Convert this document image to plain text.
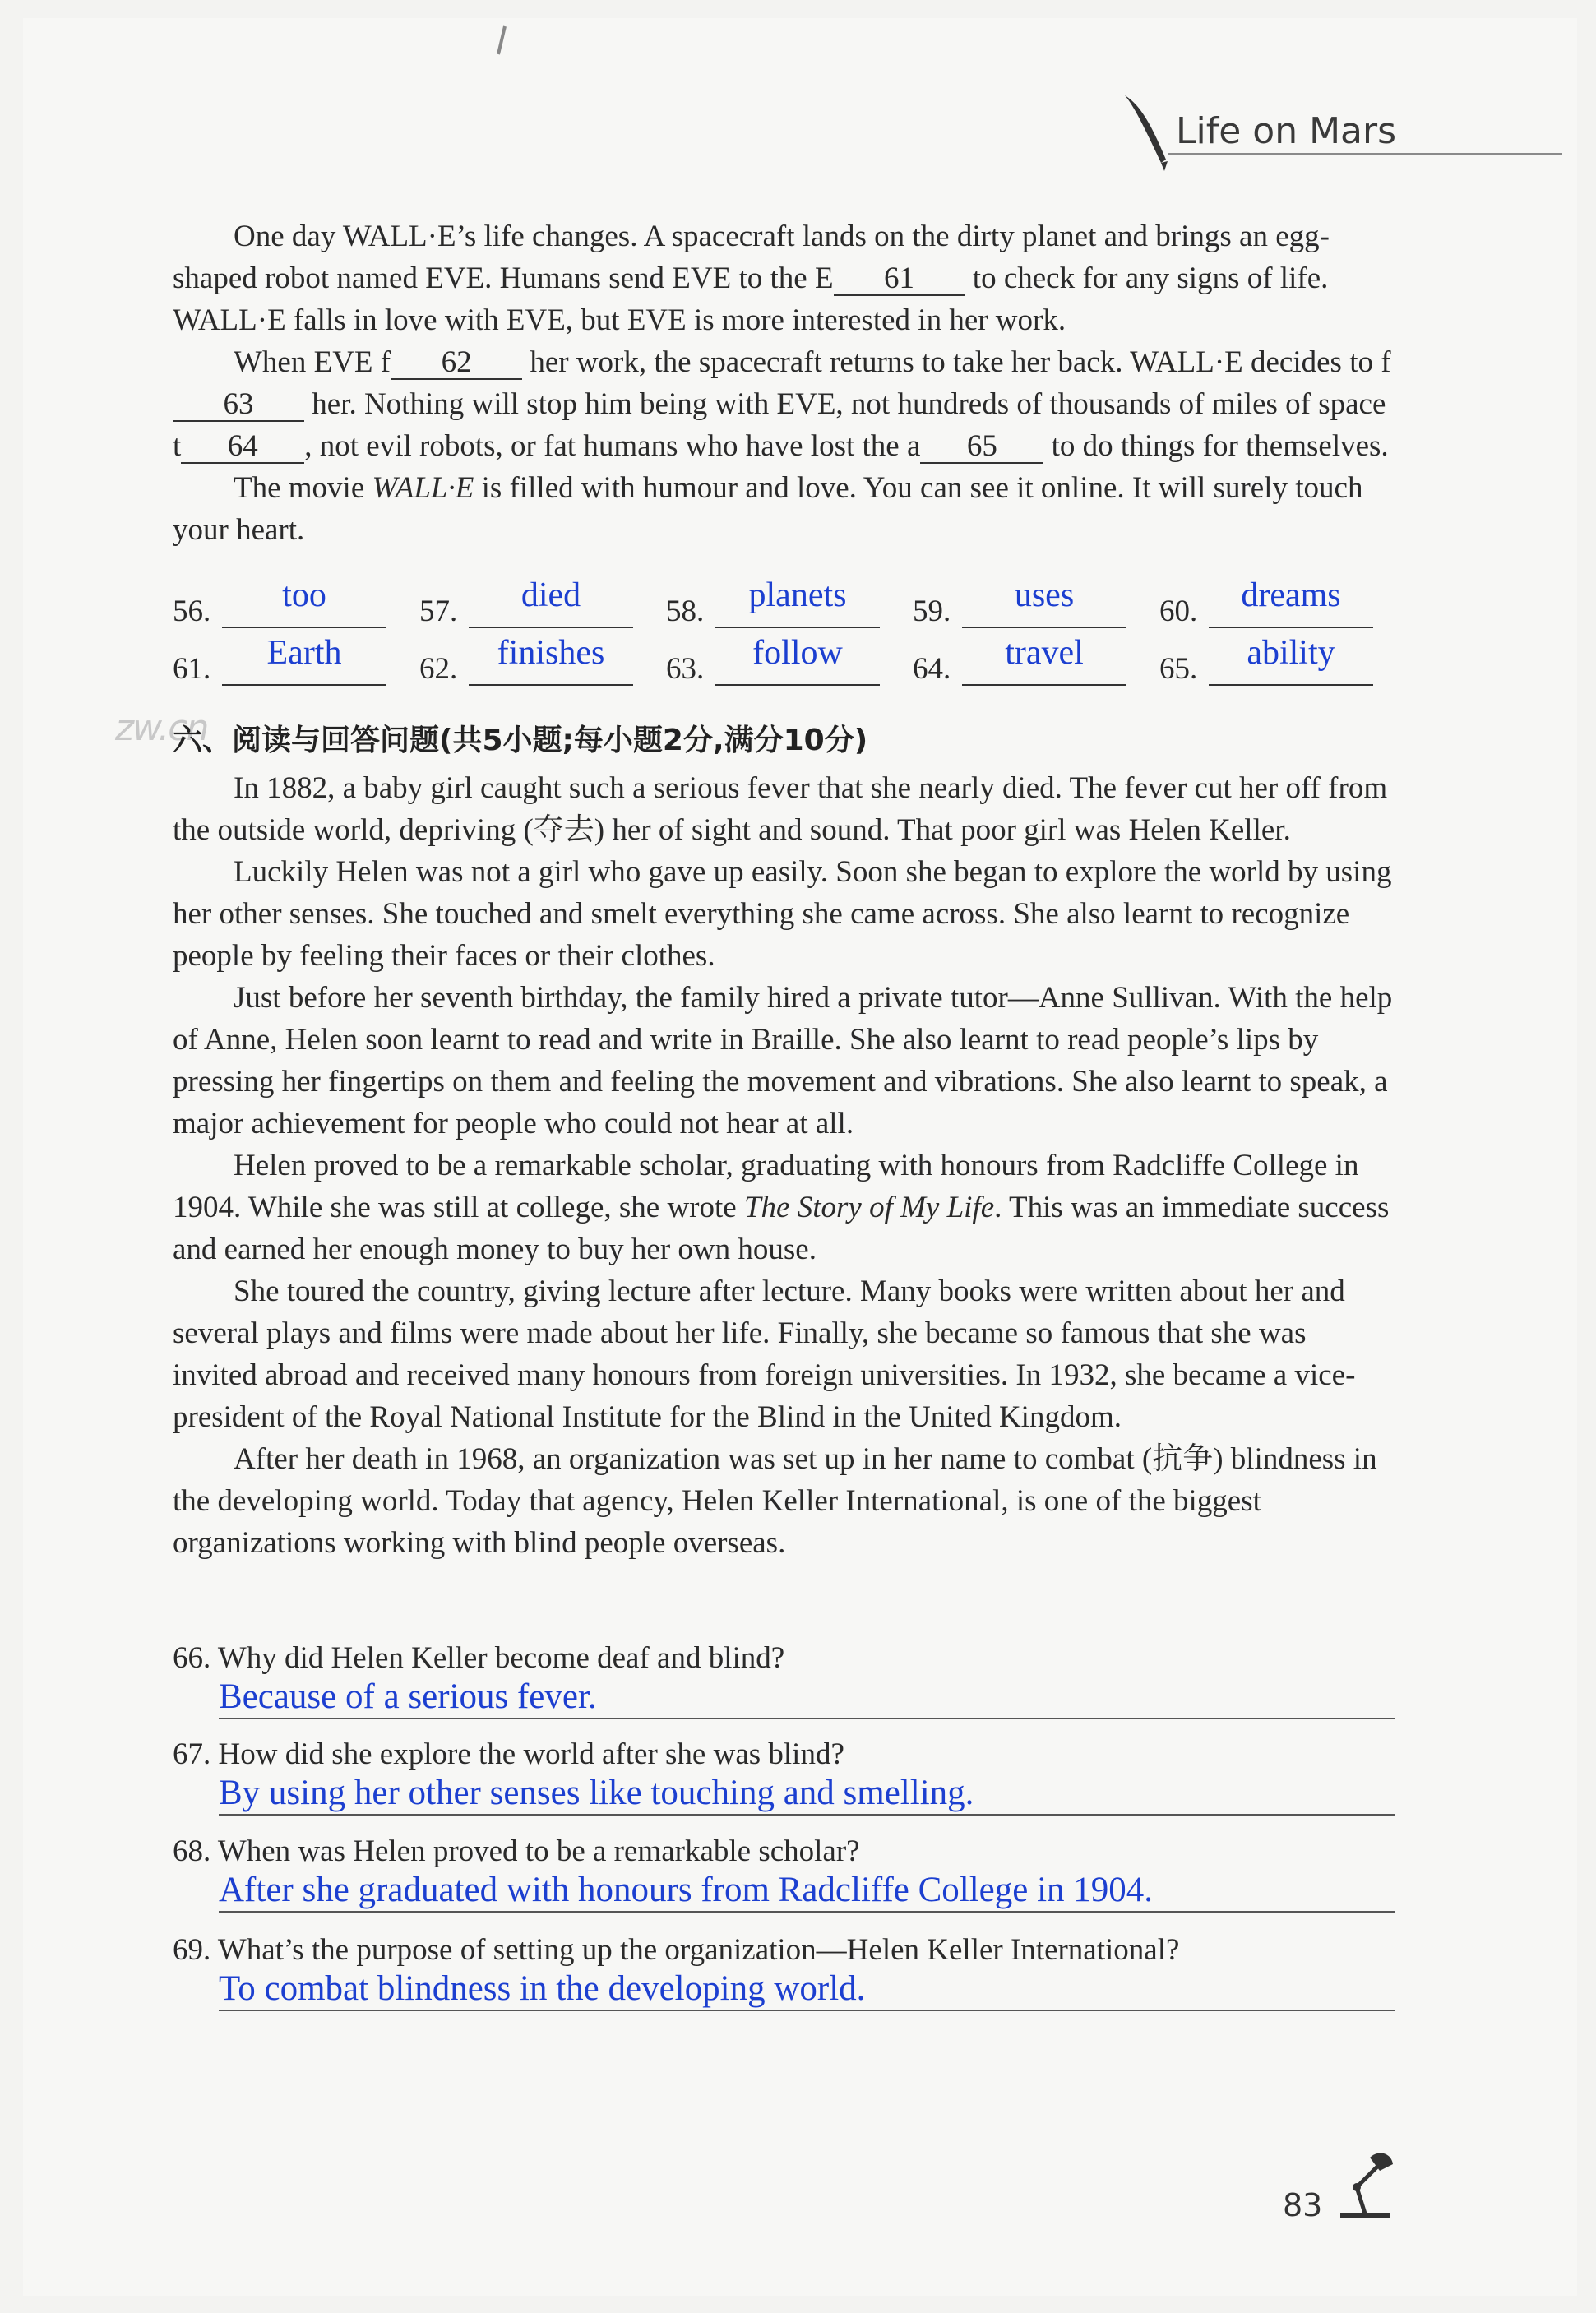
Life on Mars

One day WALL·E’s life changes. A spacecraft lands on the dirty planet and brings an egg-shaped robot named EVE. Humans send EVE to the E 61 to check for any signs of life. WALL·E falls in love with EVE, but EVE is more interested in her work.

When EVE f 62 her work, the spacecraft returns to take her back. WALL·E decides to f63 her. Nothing will stop him being with EVE, not hundreds of thousands of miles of space t 64 , not evil robots, or fat humans who have lost the a 65 to do things for themselves.

The movie WALL·E is filled with humour and love. You can see it online. It will surely touch your heart.

56.	too	57.	died	58.	planets	59.	uses	60.	dreams
61.	Earth	62.	finishes	63.	follow	64.	travel	65.	ability
zw.cn
六、阅读与回答问题(共5小题;每小题2分,满分10分)

In 1882, a baby girl caught such a serious fever that she nearly died. The fever cut her off from the outside world, depriving (夺去) her of sight and sound. That poor girl was Helen Keller.

Luckily Helen was not a girl who gave up easily. Soon she began to explore the world by using her other senses. She touched and smelt everything she came across. She also learnt to recognize people by feeling their faces or their clothes.

Just before her seventh birthday, the family hired a private tutor—Anne Sullivan. With the help of Anne, Helen soon learnt to read and write in Braille. She also learnt to read people’s lips by pressing her fingertips on them and feeling the movement and vibrations. She also learnt to speak, a major achievement for people who could not hear at all.

Helen proved to be a remarkable scholar, graduating with honours from Radcliffe College in 1904. While she was still at college, she wrote The Story of My Life. This was an immediate success and earned her enough money to buy her own house.

She toured the country, giving lecture after lecture. Many books were written about her and several plays and films were made about her life. Finally, she became so famous that she was invited abroad and received many honours from foreign universities. In 1932, she became a vice-president of the Royal National Institute for the Blind in the United Kingdom.

After her death in 1968, an organization was set up in her name to combat (抗争) blindness in the developing world. Today that agency, Helen Keller International, is one of the biggest organizations working with blind people overseas.

66. Why did Helen Keller become deaf and blind?
Because of a serious fever.
67. How did she explore the world after she was blind?
By using her other senses like touching and smelling.
68. When was Helen proved to be a remarkable scholar?
After she graduated with honours from Radcliffe College in 1904.
69. What’s the purpose of setting up the organization—Helen Keller International?
To combat blindness in the developing world.
83
